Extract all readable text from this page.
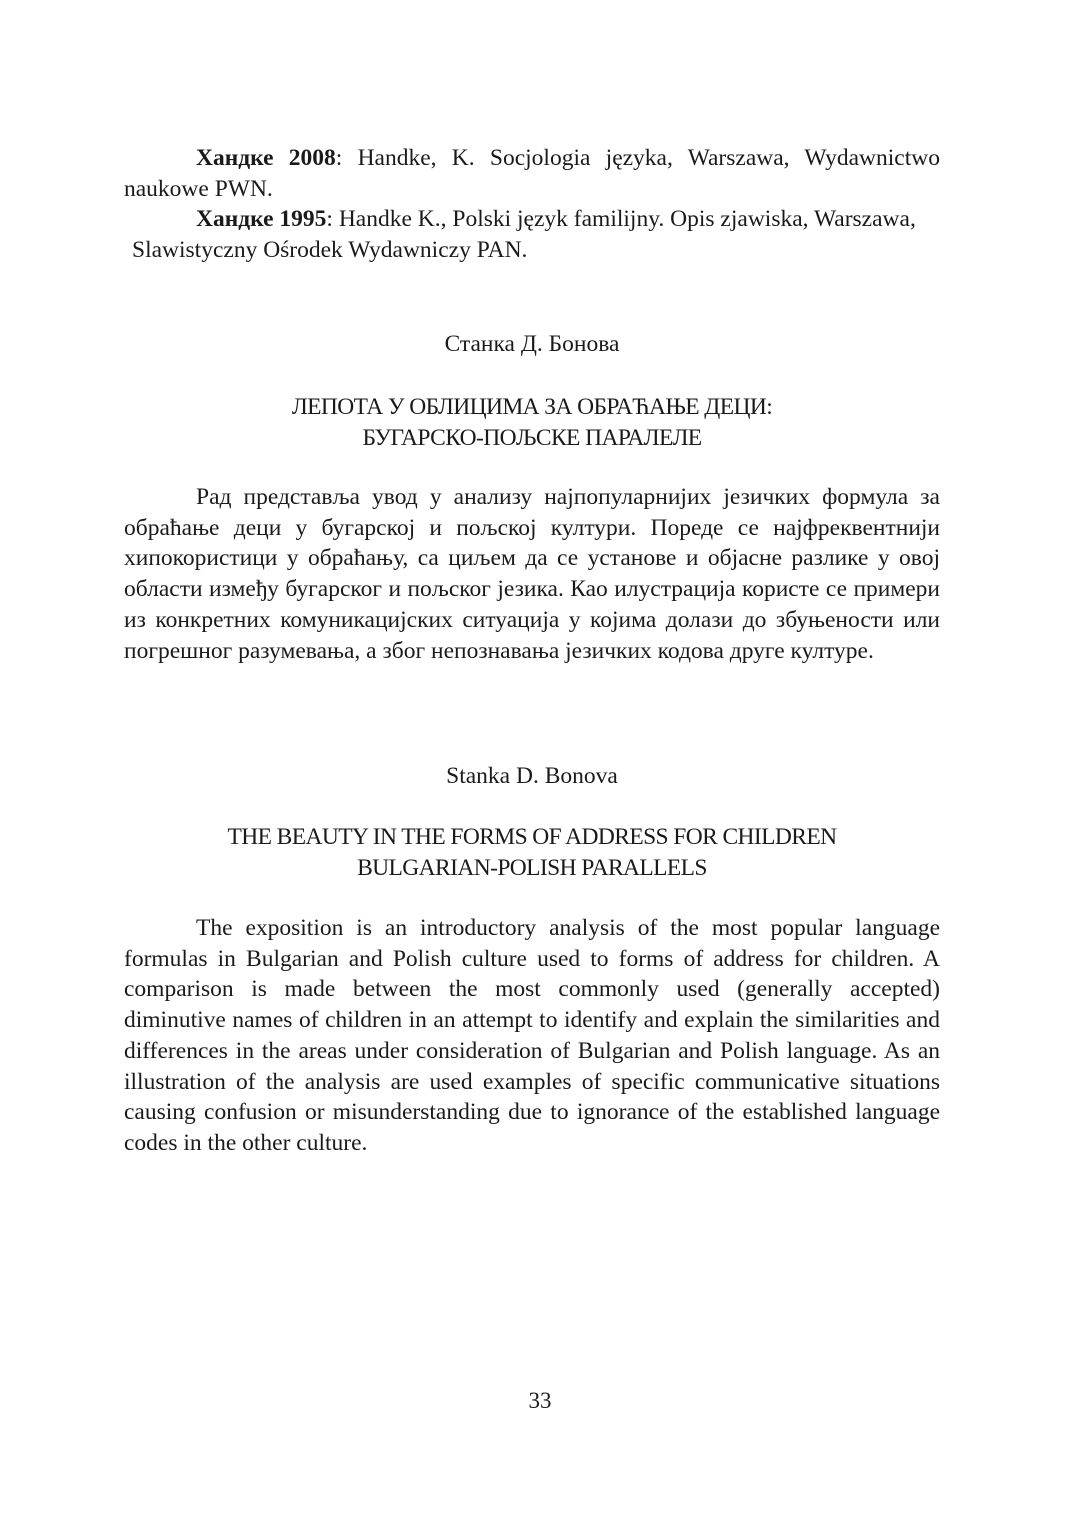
Хандке 2008: Handke, K. Socjologia języka, Warszawa, Wydawnictwo naukowe PWN.

Хандке 1995: Handke K., Polski język familijny. Opis zjawiska, Warszawa,

Slawistyczny Ośrodek Wydawniczy PAN.

Станка Д. Бонова
ЛЕПОТА У ОБЛИЦИМА ЗА ОБРАЋАЊЕ ДЕЦИ:
БУГАРСКО-ПОЉСКЕ ПАРАЛЕЛЕ

Рад представља увод у анализу најпопуларнијих језичких формула за обраћање деци у бугарској и пољској култури. Пореде се најфреквентнији хипокористици у обраћању, са циљем да се установе и објасне разлике у овој области између бугарског и пољског језика. Као илустрација користе се примери из конкретних комуникацијских ситуација у којима долази до збуњености или погрешног разумевања, а због непознавања језичких кодова друге културе.

Stanka D. Bonova
THE BEAUTY IN THE FORMS OF ADDRESS FOR CHILDREN
BULGARIAN-POLISH PARALLELS

The exposition is an introductory analysis of the most popular language formulas in Bulgarian and Polish culture used to forms of address for children. A comparison is made between the most commonly used (generally accepted) diminutive names of children in an attempt to identify and explain the similarities and differences in the areas under consideration of Bulgarian and Polish language. As an illustration of the analysis are used examples of specific communicative situations causing confusion or misunderstanding due to ignorance of the established language codes in the other culture.

33
